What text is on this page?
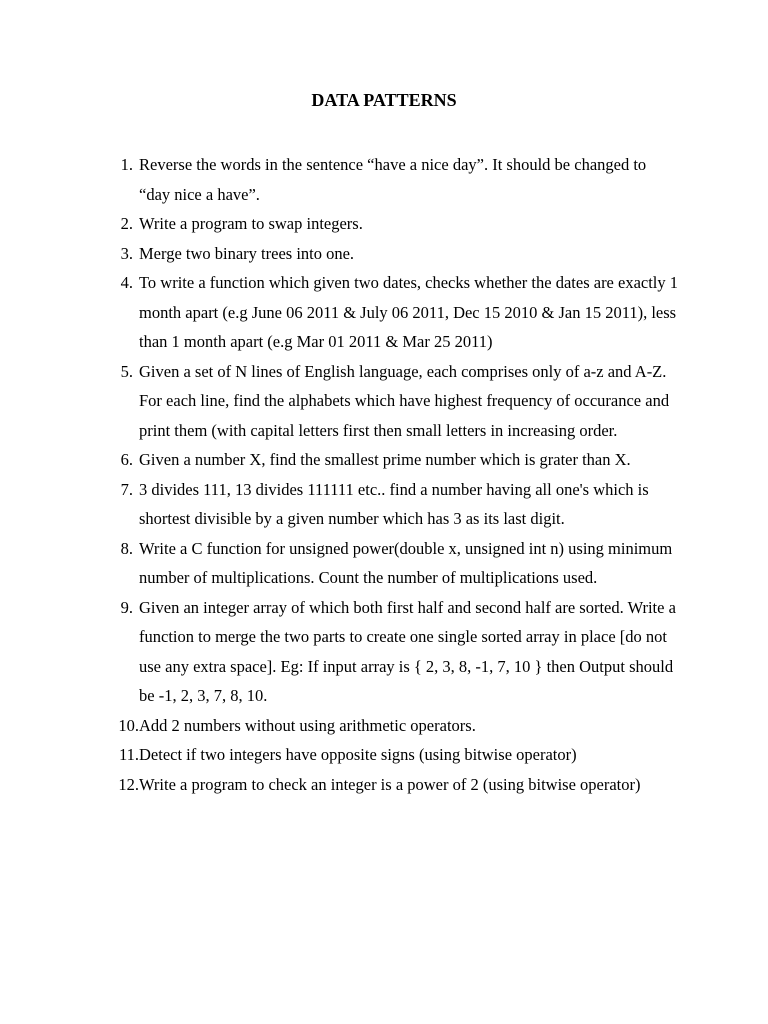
DATA PATTERNS
1. Reverse the words in the sentence “have a nice day”. It should be changed to “day nice a have”.
2. Write a program to swap integers.
3. Merge two binary trees into one.
4. To write a function which given two dates, checks whether the dates are exactly 1 month apart (e.g June 06 2011 & July 06 2011, Dec 15 2010 & Jan 15 2011), less than 1 month apart (e.g Mar 01 2011 & Mar 25 2011)
5. Given a set of N lines of English language, each comprises only of a-z and A-Z. For each line, find the alphabets which have highest frequency of occurance and print them (with capital letters first then small letters in increasing order.
6. Given a number X, find the smallest prime number which is grater than X.
7. 3 divides 111, 13 divides 111111 etc.. find a number having all one's which is shortest divisible by a given number which has 3 as its last digit.
8. Write a C function for unsigned power(double x, unsigned int n) using minimum number of multiplications. Count the number of multiplications used.
9. Given an integer array of which both first half and second half are sorted. Write a function to merge the two parts to create one single sorted array in place [do not use any extra space]. Eg: If input array is { 2, 3, 8, -1, 7, 10 } then Output should be -1, 2, 3, 7, 8, 10.
10. Add 2 numbers without using arithmetic operators.
11. Detect if two integers have opposite signs (using bitwise operator)
12. Write a program to check an integer is a power of 2 (using bitwise operator)
